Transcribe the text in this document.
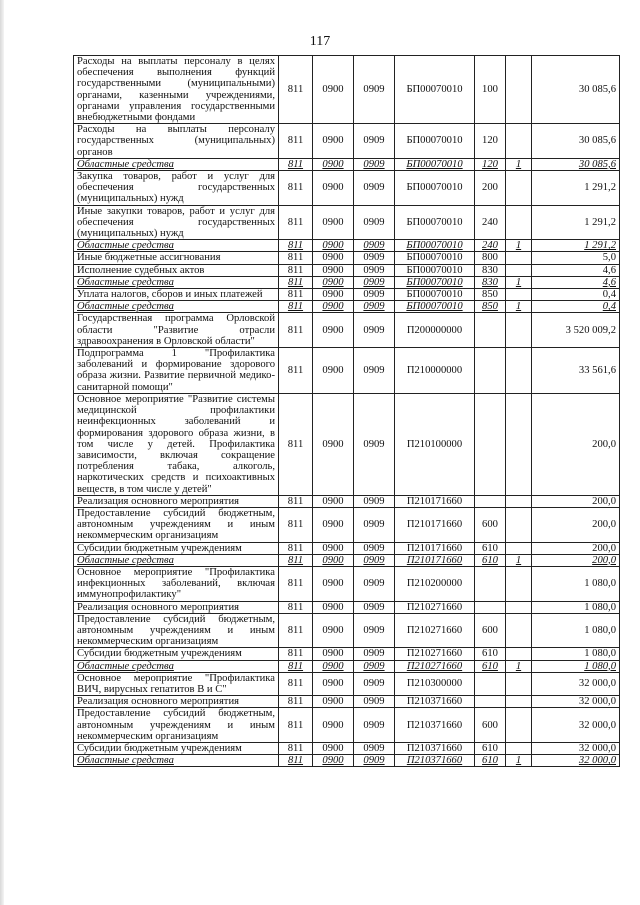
117
Расходы на выплаты персоналу в целях обеспечения выполнения функций государственными (муниципальными) органами, казенными учреждениями, органами управления государственными внебюджетными фондами	811	0900	0909	БП00070010	100		30 085,6
Расходы на выплаты персоналу государственных (муниципальных) органов	811	0900	0909	БП00070010	120		30 085,6
Областные средства	811	0900	0909	БП00070010	120	1	30 085,6
Закупка товаров, работ и услуг для обеспечения государственных (муниципальных) нужд	811	0900	0909	БП00070010	200		1 291,2
Иные закупки товаров, работ и услуг для обеспечения государственных (муниципальных) нужд	811	0900	0909	БП00070010	240		1 291,2
Областные средства	811	0900	0909	БП00070010	240	1	1 291,2
Иные бюджетные ассигнования	811	0900	0909	БП00070010	800		5,0
Исполнение судебных актов	811	0900	0909	БП00070010	830		4,6
Областные средства	811	0900	0909	БП00070010	830	1	4,6
Уплата налогов, сборов и иных платежей	811	0900	0909	БП00070010	850		0,4
Областные средства	811	0900	0909	БП00070010	850	1	0,4
Государственная программа Орловской области "Развитие отрасли здравоохранения в Орловской области"	811	0900	0909	П200000000			3 520 009,2
Подпрограмма 1 "Профилактика заболеваний и формирование здорового образа жизни. Развитие первичной медико-санитарной помощи"	811	0900	0909	П210000000			33 561,6
Основное мероприятие "Развитие системы медицинской профилактики неинфекционных заболеваний и формирования здорового образа жизни, в том числе у детей. Профилактика зависимости, включая сокращение потребления табака, алкоголь, наркотических средств и психоактивных веществ, в том числе у детей"	811	0900	0909	П210100000			200,0
Реализация основного мероприятия	811	0900	0909	П210171660			200,0
Предоставление субсидий бюджетным, автономным учреждениям и иным некоммерческим организациям	811	0900	0909	П210171660	600		200,0
Субсидии бюджетным учреждениям	811	0900	0909	П210171660	610		200,0
Областные средства	811	0900	0909	П210171660	610	1	200,0
Основное мероприятие "Профилактика инфекционных заболеваний, включая иммунопрофилактику"	811	0900	0909	П210200000			1 080,0
Реализация основного мероприятия	811	0900	0909	П210271660			1 080,0
Предоставление субсидий бюджетным, автономным учреждениям и иным некоммерческим организациям	811	0900	0909	П210271660	600		1 080,0
Субсидии бюджетным учреждениям	811	0900	0909	П210271660	610		1 080,0
Областные средства	811	0900	0909	П210271660	610	1	1 080,0
Основное мероприятие "Профилактика ВИЧ, вирусных гепатитов В и С"	811	0900	0909	П210300000			32 000,0
Реализация основного мероприятия	811	0900	0909	П210371660			32 000,0
Предоставление субсидий бюджетным, автономным учреждениям и иным некоммерческим организациям	811	0900	0909	П210371660	600		32 000,0
Субсидии бюджетным учреждениям	811	0900	0909	П210371660	610		32 000,0
Областные средства	811	0900	0909	П210371660	610	1	32 000,0
